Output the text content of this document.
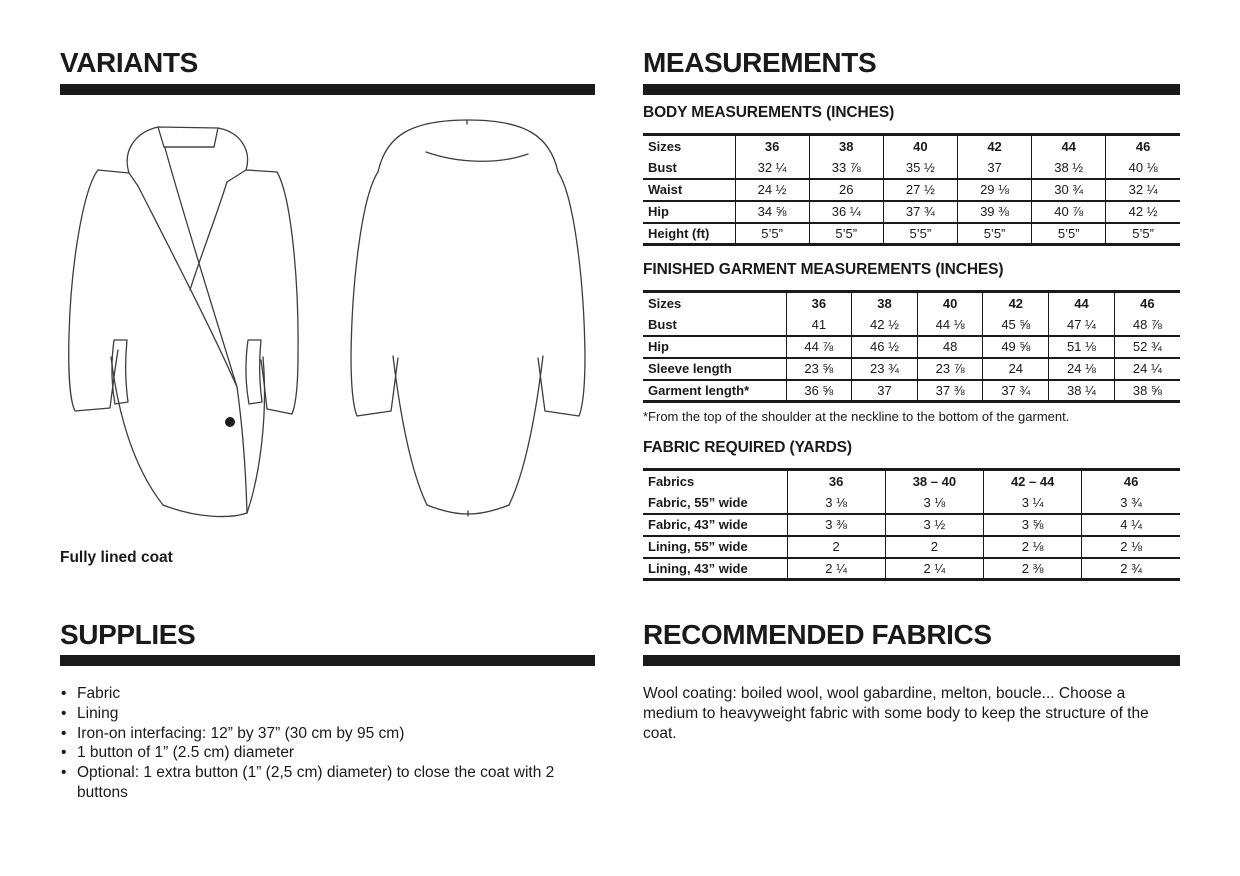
VARIANTS

Fully lined coat

SUPPLIES
• Fabric
• Lining
• Iron-on interfacing: 12” by 37” (30 cm by 95 cm)
• 1 button of 1” (2.5 cm) diameter
• Optional: 1 extra button (1” (2,5 cm) diameter) to close the coat with 2 buttons
MEASUREMENTS
BODY MEASUREMENTS (INCHES)
Sizes	36	38	40	42	44	46
Bust	32 ¼	33 ⅞	35 ½	37	38 ½	40 ⅛
Waist	24 ½	26	27 ½	29 ⅛	30 ¾	32 ¼
Hip	34 ⅝	36 ¼	37 ¾	39 ⅜	40 ⅞	42 ½
Height (ft)	5’5”	5’5”	5’5”	5’5”	5’5”	5’5”
FINISHED GARMENT MEASUREMENTS (INCHES)
Sizes	36	38	40	42	44	46
Bust	41	42 ½	44 ⅛	45 ⅝	47 ¼	48 ⅞
Hip	44 ⅞	46 ½	48	49 ⅝	51 ⅛	52 ¾
Sleeve length	23 ⅝	23 ¾	23 ⅞	24	24 ⅛	24 ¼
Garment length*	36 ⅝	37	37 ⅜	37 ¾	38 ¼	38 ⅝

*From the top of the shoulder at the neckline to the bottom of the garment.

FABRIC REQUIRED (YARDS)
Fabrics	36	38 – 40	42 – 44	46
Fabric, 55” wide	3 ⅛	3 ⅛	3 ¼	3 ¾
Fabric, 43” wide	3 ⅜	3 ½	3 ⅝	4 ¼
Lining, 55” wide	2	2	2 ⅛	2 ⅛
Lining, 43” wide	2 ¼	2 ¼	2 ⅜	2 ¾
RECOMMENDED FABRICS

Wool coating: boiled wool, wool gabardine, melton, boucle... Choose a medium to heavyweight fabric with some body to keep the structure of the coat.
